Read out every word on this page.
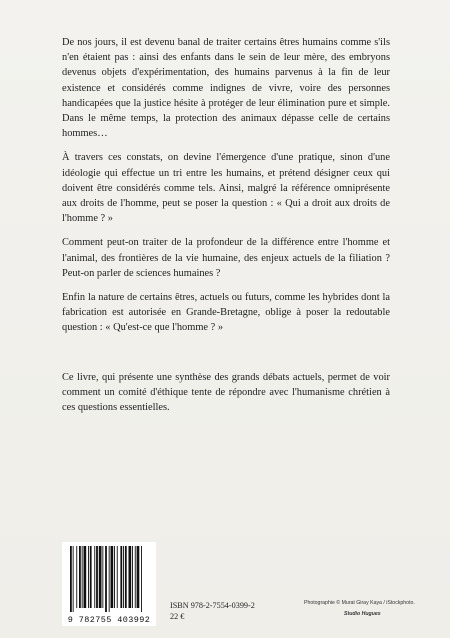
De nos jours, il est devenu banal de traiter certains êtres humains comme s'ils n'en étaient pas : ainsi des enfants dans le sein de leur mère, des embryons devenus objets d'expérimentation, des humains parvenus à la fin de leur existence et considérés comme indignes de vivre, voire des personnes handicapées que la justice hésite à protéger de leur élimination pure et simple. Dans le même temps, la protection des animaux dépasse celle de certains hommes…

À travers ces constats, on devine l'émergence d'une pratique, sinon d'une idéologie qui effectue un tri entre les humains, et prétend désigner ceux qui doivent être considérés comme tels. Ainsi, malgré la référence omniprésente aux droits de l'homme, peut se poser la question : « Qui a droit aux droits de l'homme ? »

Comment peut-on traiter de la profondeur de la différence entre l'homme et l'animal, des frontières de la vie humaine, des enjeux actuels de la filiation ? Peut-on parler de sciences humaines ?

Enfin la nature de certains êtres, actuels ou futurs, comme les hybrides dont la fabrication est autorisée en Grande-Bretagne, oblige à poser la redoutable question : « Qu'est-ce que l'homme ? »

Ce livre, qui présente une synthèse des grands débats actuels, permet de voir comment un comité d'éthique tente de répondre avec l'humanisme chrétien à ces questions essentielles.

9 782755 403992
ISBN 978-2-7554-0399-2
22 €
Photographie © Murat Giray Kaya / iStockphoto.
Studio Hugues
